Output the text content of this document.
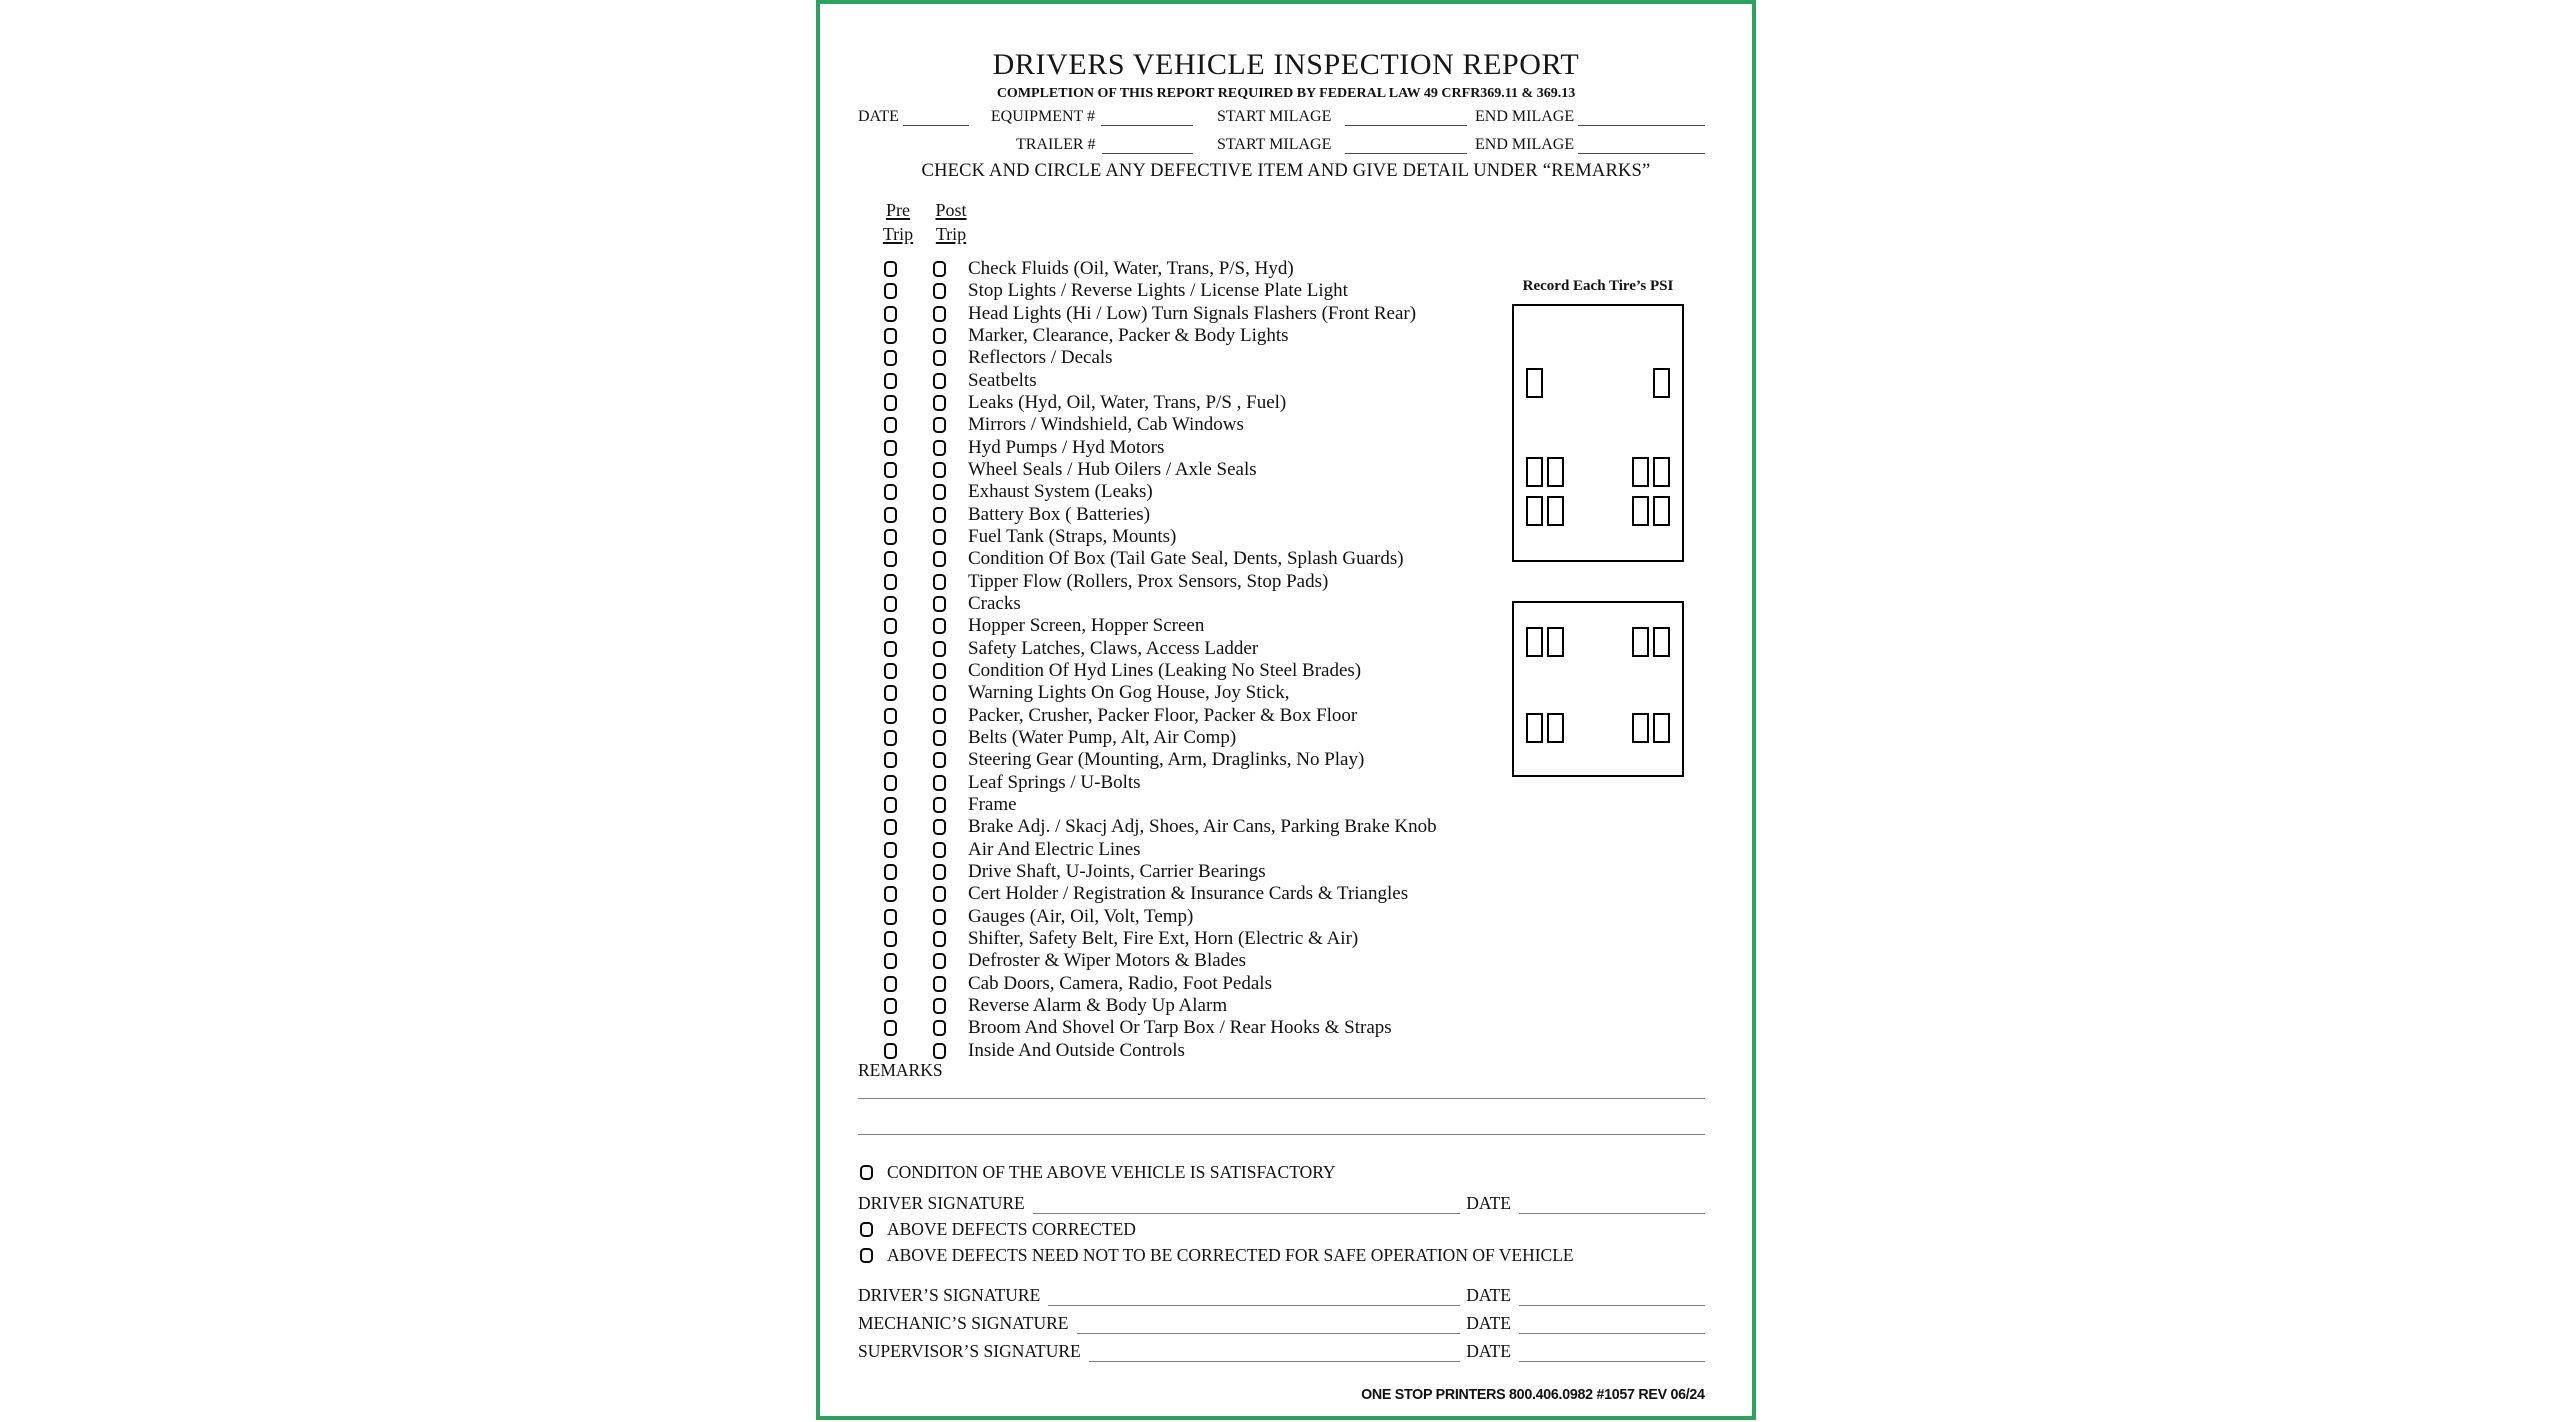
DRIVERS VEHICLE INSPECTION REPORT
COMPLETION OF THIS REPORT REQUIRED BY FEDERAL LAW 49 CRFR369.11 & 369.13
DATE	EQUIPMENT #	START MILAGE	END MILAGE
TRAILER #	START MILAGE	END MILAGE
CHECK AND CIRCLE ANY DEFECTIVE ITEM AND GIVE DETAIL UNDER “REMARKS”
Pre
Trip
Post
Trip
Check Fluids (Oil, Water, Trans, P/S, Hyd)
Stop Lights / Reverse Lights / License Plate Light
Head Lights (Hi / Low) Turn Signals Flashers (Front Rear)
Marker, Clearance, Packer & Body Lights
Reflectors / Decals
Seatbelts
Leaks (Hyd, Oil, Water, Trans, P/S , Fuel)
Mirrors / Windshield, Cab Windows
Hyd Pumps / Hyd Motors
Wheel Seals / Hub Oilers / Axle Seals
Exhaust System (Leaks)
Battery Box ( Batteries)
Fuel Tank (Straps, Mounts)
Condition Of Box (Tail Gate Seal, Dents, Splash Guards)
Tipper Flow (Rollers, Prox Sensors, Stop Pads)
Cracks
Hopper Screen, Hopper Screen
Safety Latches, Claws, Access Ladder
Condition Of Hyd Lines (Leaking No Steel Brades)
Warning Lights On Gog House, Joy Stick,
Packer, Crusher, Packer Floor, Packer & Box Floor
Belts (Water Pump, Alt, Air Comp)
Steering Gear (Mounting, Arm, Draglinks, No Play)
Leaf Springs / U-Bolts
Frame
Brake Adj. / Skacj Adj, Shoes, Air Cans, Parking Brake Knob
Air And Electric Lines
Drive Shaft, U-Joints, Carrier Bearings
Cert Holder / Registration & Insurance Cards & Triangles
Gauges (Air, Oil, Volt, Temp)
Shifter, Safety Belt, Fire Ext, Horn (Electric & Air)
Defroster & Wiper Motors & Blades
Cab Doors, Camera, Radio, Foot Pedals
Reverse Alarm & Body Up Alarm
Broom And Shovel Or Tarp Box / Rear Hooks & Straps
Inside And Outside Controls
Record Each Tire’s PSI
REMARKS
CONDITON OF THE ABOVE VEHICLE IS SATISFACTORY
DRIVER SIGNATURE	DATE
ABOVE DEFECTS CORRECTED
ABOVE DEFECTS NEED NOT TO BE CORRECTED FOR SAFE OPERATION OF VEHICLE
DRIVER’S SIGNATURE	DATE
MECHANIC’S SIGNATURE	DATE
SUPERVISOR’S SIGNATURE	DATE
ONE STOP PRINTERS 800.406.0982 #1057 REV 06/24
